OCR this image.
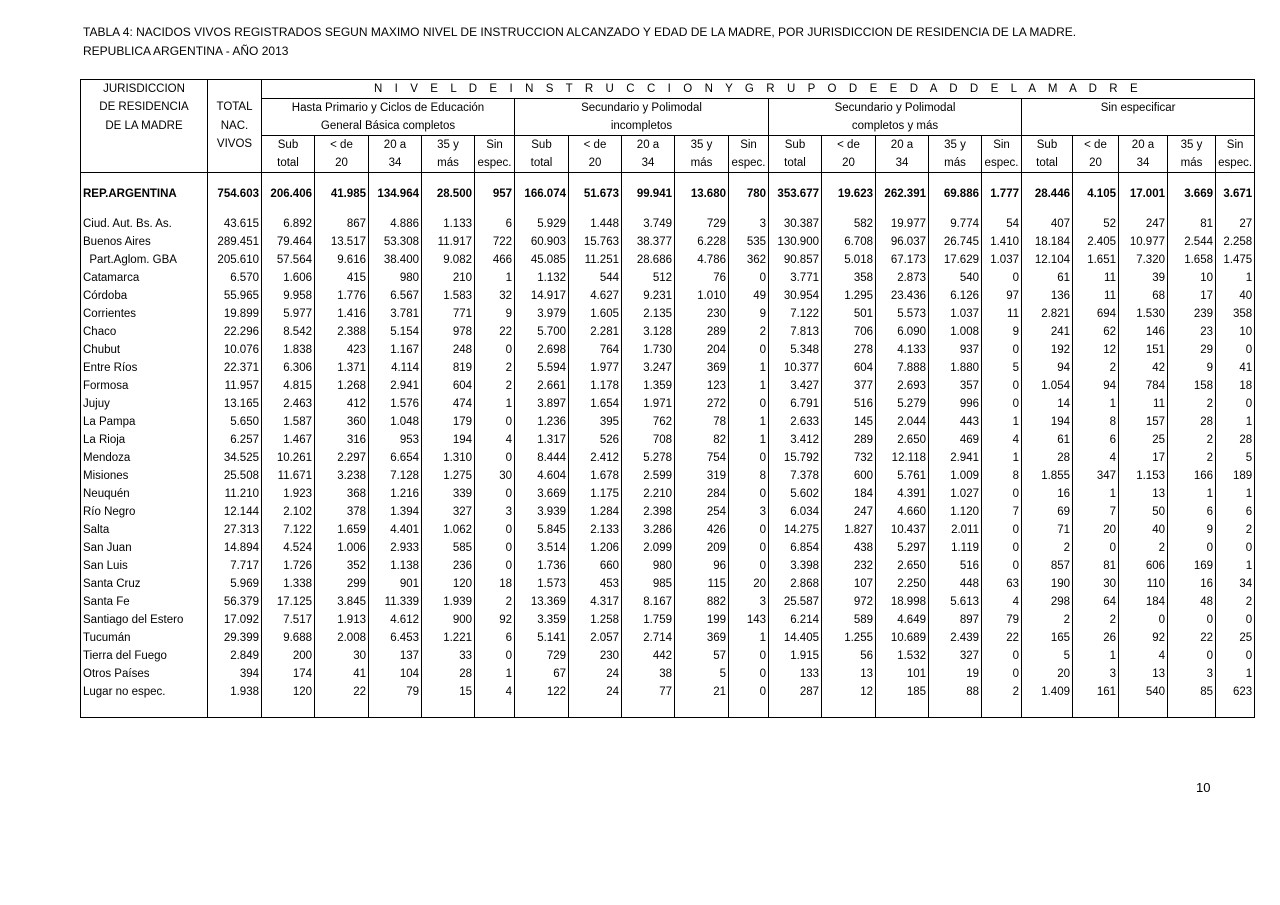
TABLA 4: NACIDOS VIVOS REGISTRADOS SEGUN MAXIMO NIVEL DE INSTRUCCION ALCANZADO Y EDAD DE LA MADRE, POR JURISDICCION DE RESIDENCIA DE LA MADRE.
REPUBLICA ARGENTINA - AÑO 2013
JURISDICCION		N I V E L D E I N S T R U C C I O N Y G R U P O D E E D A D D E L A M A D R E																			
DE RESIDENCIA	TOTAL	Hasta Primario y Ciclos de Educación					Secundario y Polimodal					Secundario y Polimodal					Sin especificar				
DE LA MADRE	NAC.	General Básica completos					incompletos					completos y más									
	VIVOS	Sub	< de	20 a	35 y	Sin	Sub	< de	20 a	35 y	Sin	Sub	< de	20 a	35 y	Sin	Sub	< de	20 a	35 y	Sin
		total	20	34	más	espec.	total	20	34	más	espec.	total	20	34	más	espec.	total	20	34	más	espec.

REP.ARGENTINA	754.603	206.406	41.985	134.964	28.500	957	166.074	51.673	99.941	13.680	780	353.677	19.623	262.391	69.886	1.777	28.446	4.105	17.001	3.669	3.671

Ciud. Aut. Bs. As.	43.615	6.892	867	4.886	1.133	6	5.929	1.448	3.749	729	3	30.387	582	19.977	9.774	54	407	52	247	81	27
Buenos Aires	289.451	79.464	13.517	53.308	11.917	722	60.903	15.763	38.377	6.228	535	130.900	6.708	96.037	26.745	1.410	18.184	2.405	10.977	2.544	2.258
Part.Aglom. GBA	205.610	57.564	9.616	38.400	9.082	466	45.085	11.251	28.686	4.786	362	90.857	5.018	67.173	17.629	1.037	12.104	1.651	7.320	1.658	1.475
Catamarca	6.570	1.606	415	980	210	1	1.132	544	512	76	0	3.771	358	2.873	540	0	61	11	39	10	1
Córdoba	55.965	9.958	1.776	6.567	1.583	32	14.917	4.627	9.231	1.010	49	30.954	1.295	23.436	6.126	97	136	11	68	17	40
Corrientes	19.899	5.977	1.416	3.781	771	9	3.979	1.605	2.135	230	9	7.122	501	5.573	1.037	11	2.821	694	1.530	239	358
Chaco	22.296	8.542	2.388	5.154	978	22	5.700	2.281	3.128	289	2	7.813	706	6.090	1.008	9	241	62	146	23	10
Chubut	10.076	1.838	423	1.167	248	0	2.698	764	1.730	204	0	5.348	278	4.133	937	0	192	12	151	29	0
Entre Ríos	22.371	6.306	1.371	4.114	819	2	5.594	1.977	3.247	369	1	10.377	604	7.888	1.880	5	94	2	42	9	41
Formosa	11.957	4.815	1.268	2.941	604	2	2.661	1.178	1.359	123	1	3.427	377	2.693	357	0	1.054	94	784	158	18
Jujuy	13.165	2.463	412	1.576	474	1	3.897	1.654	1.971	272	0	6.791	516	5.279	996	0	14	1	11	2	0
La Pampa	5.650	1.587	360	1.048	179	0	1.236	395	762	78	1	2.633	145	2.044	443	1	194	8	157	28	1
La Rioja	6.257	1.467	316	953	194	4	1.317	526	708	82	1	3.412	289	2.650	469	4	61	6	25	2	28
Mendoza	34.525	10.261	2.297	6.654	1.310	0	8.444	2.412	5.278	754	0	15.792	732	12.118	2.941	1	28	4	17	2	5
Misiones	25.508	11.671	3.238	7.128	1.275	30	4.604	1.678	2.599	319	8	7.378	600	5.761	1.009	8	1.855	347	1.153	166	189
Neuquén	11.210	1.923	368	1.216	339	0	3.669	1.175	2.210	284	0	5.602	184	4.391	1.027	0	16	1	13	1	1
Río Negro	12.144	2.102	378	1.394	327	3	3.939	1.284	2.398	254	3	6.034	247	4.660	1.120	7	69	7	50	6	6
Salta	27.313	7.122	1.659	4.401	1.062	0	5.845	2.133	3.286	426	0	14.275	1.827	10.437	2.011	0	71	20	40	9	2
San Juan	14.894	4.524	1.006	2.933	585	0	3.514	1.206	2.099	209	0	6.854	438	5.297	1.119	0	2	0	2	0	0
San Luis	7.717	1.726	352	1.138	236	0	1.736	660	980	96	0	3.398	232	2.650	516	0	857	81	606	169	1
Santa Cruz	5.969	1.338	299	901	120	18	1.573	453	985	115	20	2.868	107	2.250	448	63	190	30	110	16	34
Santa Fe	56.379	17.125	3.845	11.339	1.939	2	13.369	4.317	8.167	882	3	25.587	972	18.998	5.613	4	298	64	184	48	2
Santiago del Estero	17.092	7.517	1.913	4.612	900	92	3.359	1.258	1.759	199	143	6.214	589	4.649	897	79	2	2	0	0	0
Tucumán	29.399	9.688	2.008	6.453	1.221	6	5.141	2.057	2.714	369	1	14.405	1.255	10.689	2.439	22	165	26	92	22	25
Tierra del Fuego	2.849	200	30	137	33	0	729	230	442	57	0	1.915	56	1.532	327	0	5	1	4	0	0
Otros Países	394	174	41	104	28	1	67	24	38	5	0	133	13	101	19	0	20	3	13	3	1
Lugar no espec.	1.938	120	22	79	15	4	122	24	77	21	0	287	12	185	88	2	1.409	161	540	85	623

10
